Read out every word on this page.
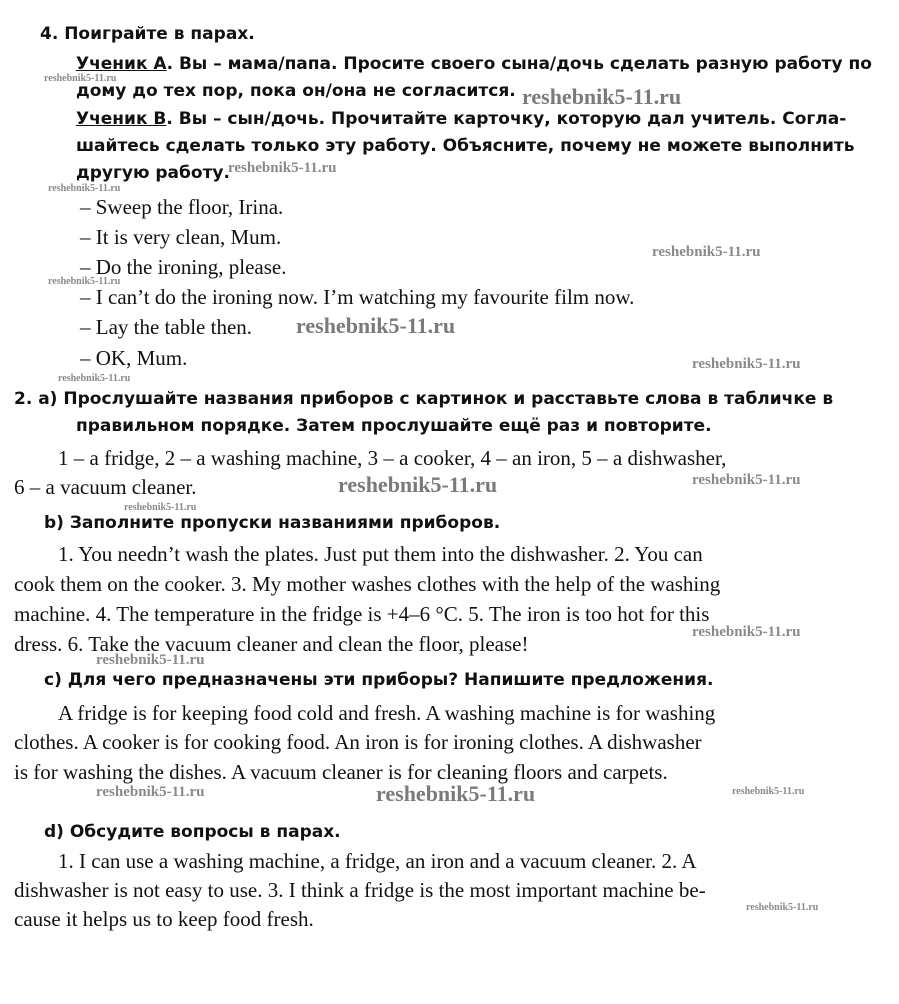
4. Поиграйте в парах.
Ученик А. Вы – мама/папа. Просите своего сына/дочь сделать разную работу по
дому до тех пор, пока он/она не согласится.
Ученик В. Вы – сын/дочь. Прочитайте карточку, которую дал учитель. Согла-
шайтесь сделать только эту работу. Объясните, почему не можете выполнить
другую работу.
– Sweep the floor, Irina.
– It is very clean, Mum.
– Do the ironing, please.
– I can’t do the ironing now. I’m watching my favourite film now.
– Lay the table then.
– OK, Mum.
2. a) Прослушайте названия приборов с картинок и расставьте слова в табличке в
правильном порядке. Затем прослушайте ещё раз и повторите.
1 – a fridge, 2 – a washing machine, 3 – a cooker, 4 – an iron, 5 – a dishwasher,
6 – a vacuum cleaner.
b) Заполните пропуски названиями приборов.
1. You needn’t wash the plates. Just put them into the dishwasher. 2. You can
cook them on the cooker. 3. My mother washes clothes with the help of the washing
machine. 4. The temperature in the fridge is +4–6 °C. 5. The iron is too hot for this
dress. 6. Take the vacuum cleaner and clean the floor, please!
c) Для чего предназначены эти приборы? Напишите предложения.
A fridge is for keeping food cold and fresh. A washing machine is for washing
clothes. A cooker is for cooking food. An iron is for ironing clothes. A dishwasher
is for washing the dishes. A vacuum cleaner is for cleaning floors and carpets.
d) Обсудите вопросы в парах.
1. I can use a washing machine, a fridge, an iron and a vacuum cleaner. 2. A
dishwasher is not easy to use. 3. I think a fridge is the most important machine be-
cause it helps us to keep food fresh.
reshebnik5-11.ru
reshebnik5-11.ru
reshebnik5-11.ru
reshebnik5-11.ru
reshebnik5-11.ru
reshebnik5-11.ru
reshebnik5-11.ru
reshebnik5-11.ru
reshebnik5-11.ru
reshebnik5-11.ru	reshebnik5-11.ru
reshebnik5-11.ru
reshebnik5-11.ru
reshebnik5-11.ru
reshebnik5-11.ru	reshebnik5-11.ru	reshebnik5-11.ru
reshebnik5-11.ru
